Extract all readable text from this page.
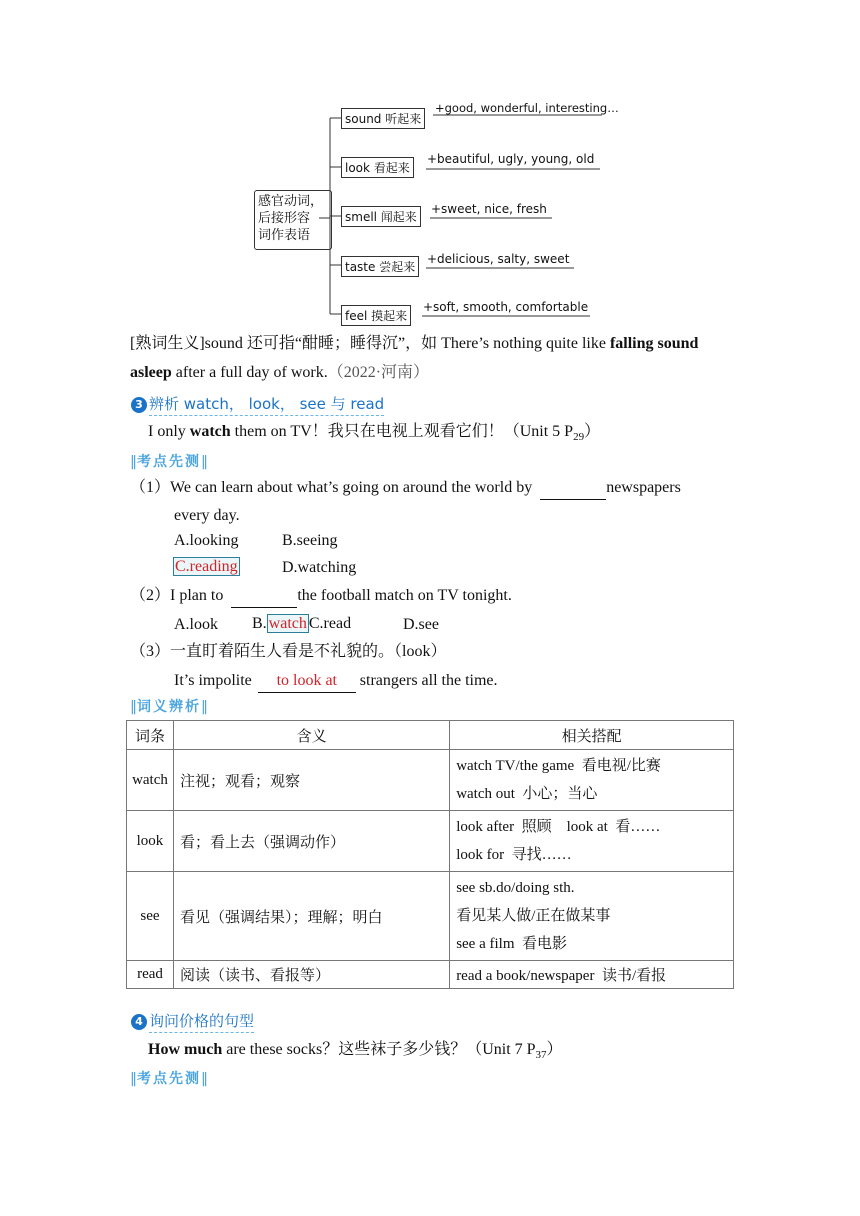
感官动词，
后接形容
词作表语
sound 听起来
+good, wonderful, interesting…
look 看起来
+beautiful, ugly, young, old
smell 闻起来
+sweet, nice, fresh
taste 尝起来
+delicious, salty, sweet
feel 摸起来
+soft, smooth, comfortable
[熟词生义]sound 还可指“酣睡；睡得沉”，如 There’s nothing quite like falling sound
asleep after a full day of work.（2022·河南）
3 辨析 watch， look， see 与 read
I only watch them on TV！我只在电视上观看它们！（Unit 5 $P_{29}$）
‖考点先测‖
（1）We can learn about what’s going on around the world by	newspapers
every day.
A.looking	B.seeing
C.reading	D.watching
（2）I plan to	the football match on TV tonight.
A.look B. watch C.read	D.see
（3）一直盯着陌生人看是不礼貌的。（look）
It’s impolite to look at strangers all the time.
‖词义辨析‖
词条	含义	相关搭配
watch	注视；观看；观察	watch TV/the game  看电视/比赛
watch out  小心；当心

look	看；看上去（强调动作）	look after  照顾    look at  看……
look for  寻找……

see	看见（强调结果）；理解；明白	see sb.do/doing sth.
看见某人做/正在做某事
see a film  看电影

read	阅读（读书、看报等）	read a book/newspaper  读书/看报
4 询问价格的句型
How much are these socks？这些袜子多少钱？（Unit 7 $P_{37}$）
‖考点先测‖
